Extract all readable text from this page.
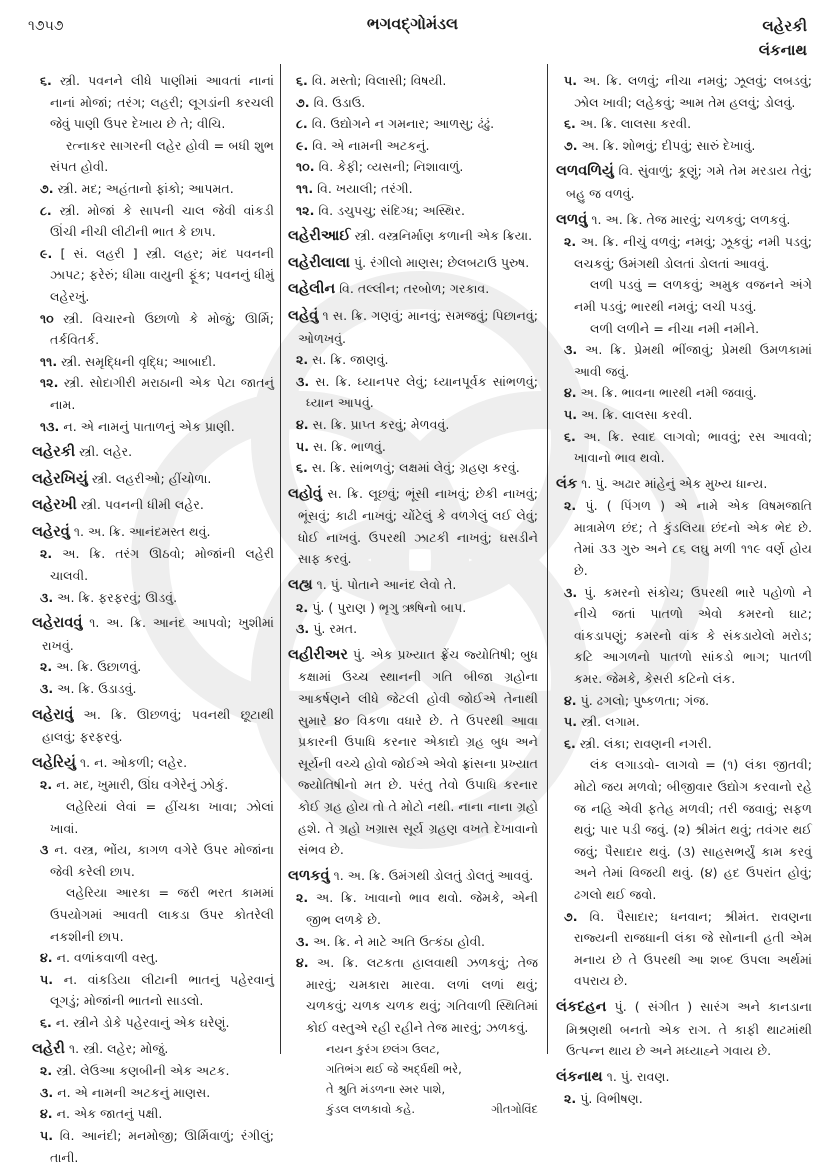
૧૭૫૭	ભગવદ્ગોમંડલ	લહેરકી
લંકનાથ

૬. સ્ત્રી. પવનને લીધે પાણીમાં આવતાં નાનાં નાનાં મોજાં; તરંગ; લહરી; લૂગડાંની કરચલી જેવું પાણી ઉપર દેખાય છે તે; વીચિ.

રત્નાકર સાગરની લહેર હોવી = બધી શુભ સંપત હોવી.

૭. સ્ત્રી. મદ; અહંતાનો ફાંકો; આપમત.

૮. સ્ત્રી. મોજાં કે સાપની ચાલ જેવી વાંકડી ઊંચી નીચી લીટીની ભાત કે છાપ.

૯. [ સં. લહરી ] સ્ત્રી. લહર; મંદ પવનની ઝાપટ; ફરેરું; ધીમા વાયુની ફૂંક; પવનનું ધીમું લહેરખું.

૧૦ સ્ત્રી. વિચારનો ઉછાળો કે મોજું; ઊર્મિ; તર્કવિતર્ક.

૧૧. સ્ત્રી. સમૃદ્ધિની વૃદ્ધિ; આબાદી.

૧૨. સ્ત્રી. સોદાગીરી મરાઠાની એક પેટા જાતનું નામ.

૧૩. ન. એ નામનું પાતાળનું એક પ્રાણી.

લહેરકી સ્ત્રી. લહેર.

લહેરખિયું સ્ત્રી. લહરીઓ; હીંચોળા.

લહેરખી સ્ત્રી. પવનની ધીમી લહેર.

લહેરવું ૧. અ. ક્રિ. આનંદમસ્ત થવું.

૨. અ. ક્રિ. તરંગ ઊઠવો; મોજાંની લહેરી ચાલવી.

૩. અ. ક્રિ. ફરફરવું; ઊડવું.

લહેરાવવું ૧. અ. ક્રિ. આનંદ આપવો; ખુશીમાં રાખવું.

૨. અ. ક્રિ. ઉછાળવું.

૩. અ. ક્રિ. ઉડાડવું.

લહેરાવું અ. ક્રિ. ઊછળવું; પવનથી છૂટાથી હાલવું; ફરફરવું.

લહેરિયું ૧. ન. ઓકળી; લહેર.

૨. ન. મદ, ખુમારી, ઊંઘ વગેરેનું ઝોકું.

લહેરિયાં લેવાં = હીંચકા ખાવા; ઝોલાં ખાવાં.

૩ ન. વસ્ત્ર, ભોંય, કાગળ વગેરે ઉપર મોજાંના જેવી કરેલી છાપ.

લહેરિયા આરકા = જરી ભરત કામમાં ઉપયોગમાં આવતી લાકડા ઉપર કોતરેલી નકશીની છાપ.

૪. ન. વળાંકવાળી વસ્તુ.

૫. ન. વાંકડિયા લીટાની ભાતનું પહેરવાનું લૂગડું; મોજાંની ભાતનો સાડલો.

૬. ન. સ્ત્રીને ડોકે પહેરવાનું એક ઘરેણું.

લહેરી ૧. સ્ત્રી. લહેર; મોજું.

૨. સ્ત્રી. લેઉઆ કણબીની એક અટક.

૩. ન. એ નામની અટકનું માણસ.

૪. ન. એક જાતનું પક્ષી.

૫. વિ. આનંદી; મનમોજી; ઊર્મિવાળું; રંગીલું; તાની.

૬. વિ. મસ્તો; વિલાસી; વિષયી.

૭. વિ. ઉડાઉ.

૮. વિ. ઉદ્યોગને ન ગમનાર; આળસુ; ઢંઢું.

૯. વિ. એ નામની અટકનું.

૧૦. વિ. કેફી; વ્યસની; નિશાવાળું.

૧૧. વિ. ખયાલી; તરંગી.

૧૨. વિ. ડચુપચુ; સંદિગ્ધ; અસ્થિર.

લહેરીઆઈ સ્ત્રી. વસ્ત્રનિર્માણ કળાની એક ક્રિયા.

લહેરીલાલા પું. રંગીલો માણસ; છેલબટાઉ પુરુષ.

લહેલીન વિ. તલ્લીન; તરબોળ; ગરકાવ.

લહેવું ૧ સ. ક્રિ. ગણવું; માનવું; સમજવું; પિછાનવું; ઓળખવું.

૨. સ. ક્રિ. જાણવું.

૩. સ. ક્રિ. ધ્યાનપર લેવું; ધ્યાનપૂર્વક સાંભળવું; ધ્યાન આપવું.

૪. સ. ક્રિ. પ્રાપ્ત કરવું; મેળવવું.

૫. સ. ક્રિ. ભાળવું.

૬. સ. ક્રિ. સાંભળવું; લક્ષમાં લેવું; ગ્રહણ કરવું.

લહોવું સ. ક્રિ. લૂછવું; ભૂંસી નાખવું; છેકી નાખવું; ભૂંસવું; કાઢી નાખવું; ચોંટેલું કે વળગેલું લઈ લેવું; ધોઈ નાખવું. ઉપરથી ઝાટકી નાખવું; ઘસડીને સાફ કરવું.

લહ્ય ૧. પું. પોતાને આનંદ લેવો તે.

૨. પું. ( પુરાણ ) ભૃગુ ઋષિનો બાપ.

૩. પું. રમત.

લહીરીઅર પું. એક પ્રખ્યાત ફ્રેંચ જ્યોતિષી; બુધ કક્ષામાં ઉચ્ચ સ્થાનની ગતિ બીજા ગ્રહોના આકર્ષણને લીધે જેટલી હોવી જોઈએ તેનાથી સુમારે ૪૦ વિકળા વધારે છે. તે ઉપરથી આવા પ્રકારની ઉપાધિ કરનાર એકાદો ગ્રહ બુધ અને સૂર્યની વચ્ચે હોવો જોઈએ એવો ફ્રાંસના પ્રખ્યાત જ્યોતિષીનો મત છે. પરંતુ તેવો ઉપાધિ કરનાર કોઈ ગ્રહ હોય તો તે મોટો નથી. નાના નાના ગ્રહો હશે. તે ગ્રહો ખગ્રાસ સૂર્ય ગ્રહણ વખતે દેખાવાનો સંભવ છે.

લળકવું ૧. અ. ક્રિ. ઉમંગથી ડોલતું ડોલતું આવવું.

૨. અ. ક્રિ. ખાવાનો ભાવ થવો. જેમકે, એની જીભ લળકે છે.

૩. અ. ક્રિ. ને માટે અતિ ઉત્કંઠા હોવી.

૪. અ. ક્રિ. લટકતા હાલવાથી ઝળકવું; તેજ મારવું; ચમકારા મારવા. લળાં લળાં થવું; ચળકવું; ચળક ચળક થવું; ગતિવાળી સ્થિતિમાં કોઈ વસ્તુએ રહી રહીને તેજ મારવું; ઝળકવું.

નયન કુરંગ છલંગ ઉલટ,

ગતિભંગ થઈ જે અર્દ્ધથી ભરે,

તે શ્રુતિ મંડળના સ્મર પાશે,

કુંડલ લળકાવો કહે.	ગીતગોવિંદ

૫. અ. ક્રિ. લળવું; નીચા નમવું; ઝૂલવું; લબડવું; ઝોલ ખાવી; લહેકવું; આમ તેમ હલવું; ડોલવું.

૬. અ. ક્રિ. લાલસા કરવી.

૭. અ. ક્રિ. શોભવું; દીપવું; સારું દેખાવું.

લળવળિયું વિ. સુંવાળું; કૂણું; ગમે તેમ મરડાય તેવું; બહુ જ વળવું.

લળવું ૧. અ. ક્રિ. તેજ મારવું; ચળકવું; લળકવું.

૨. અ. ક્રિ. નીચું વળવું; નમવું; ઝૂકવું; નમી પડવું; લચકવું; ઉમંગથી ડોલતાં ડોલતાં આવવું.

લળી પડવું = લળકવું; અમુક વજનને અંગે નમી પડવું; ભારથી નમવું; લચી પડવું.

લળી લળીને = નીચા નમી નમીને.

૩. અ. ક્રિ. પ્રેમથી ભીંજાવું; પ્રેમથી ઉમળકામાં આવી જવું.

૪. અ. ક્રિ. ભાવના ભારથી નમી જવાવું.

૫. અ. ક્રિ. લાલસા કરવી.

૬. અ. ક્રિ. સ્વાદ લાગવો; ભાવવું; રસ આવવો; ખાવાનો ભાવ થવો.

લંક ૧. પું. અઢાર માંહેનું એક મુખ્ય ધાન્ય.

૨. પું. ( પિંગળ ) એ નામે એક વિષમજાતિ માત્રામેળ છંદ; તે કુંડલિયા છંદનો એક ભેદ છે. તેમાં ૩૩ ગુરુ અને ૮૬ લઘુ મળી ૧૧૯ વર્ણ હોય છે.

૩. પું. કમરનો સંકોચ; ઉપરથી ભારે પહોળો ને નીચે જતાં પાતળો એવો કમરનો ઘાટ; વાંકડાપણું; કમરનો વાંક કે સંકડાયેલો મરોડ; કટિ આગળનો પાતળો સાંકડો ભાગ; પાતળી કમર. જેમકે, કેસરી કટિનો લંક.

૪. પું. ઢગલો; પુષ્કળતા; ગંજ.

૫. સ્ત્રી. લગામ.

૬. સ્ત્રી. લંકા; રાવણની નગરી.

લંક લગાડવો- લાગવો = (૧) લંકા જીતવી; મોટો જય મળવો; બીજીવાર ઉદ્યોગ કરવાનો રહે જ નહિ એવી ફતેહ મળવી; તરી જવાવું; સફળ થવું; પાર પડી જવું. (૨) શ્રીમંત થવું; તવંગર થઈ જવું; પૈસાદાર થવું. (૩) સાહસભર્યું કામ કરવું અને તેમાં વિજયી થવું. (૪) હદ ઉપરાંત હોવું; ઢગલો થઈ જવો.

૭. વિ. પૈસાદાર; ધનવાન; શ્રીમંત. રાવણના રાજ્યની રાજધાની લંકા જે સોનાની હતી એમ મનાય છે તે ઉપરથી આ શબ્દ ઉપલા અર્થમાં વપરાય છે.

લંકદહન પું. ( સંગીત ) સારંગ અને કાનડાના મિશ્રણથી બનતો એક રાગ. તે કાફી થાટમાંથી ઉત્પન્ન થાય છે અને મધ્યાહ્ને ગવાય છે.

લંકનાથ ૧. પું. રાવણ.

૨. પું. વિભીષણ.
